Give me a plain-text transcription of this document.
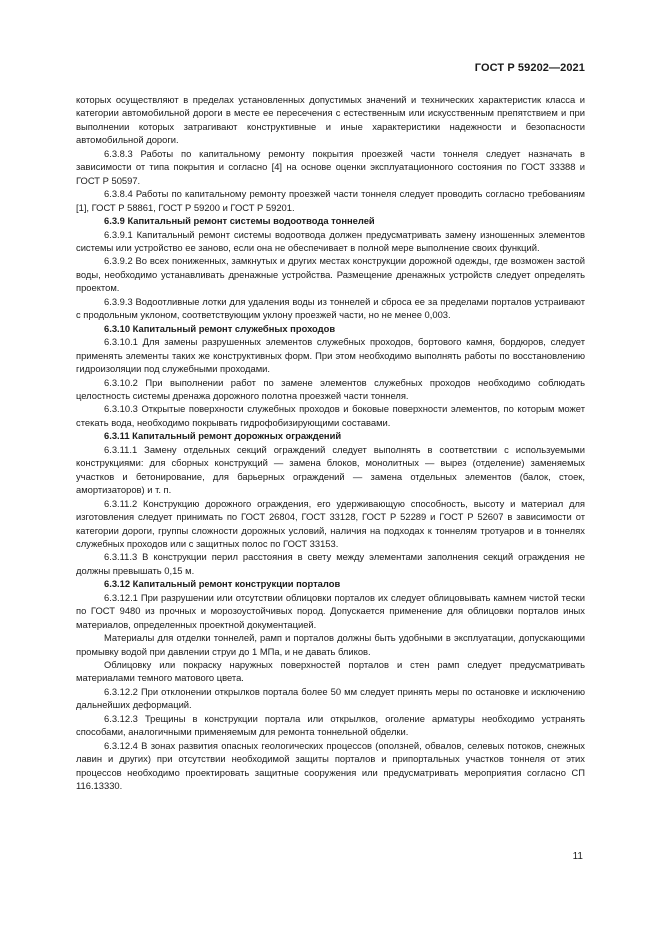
ГОСТ Р 59202—2021

которых осуществляют в пределах установленных допустимых значений и технических характеристик класса и категории автомобильной дороги в месте ее пересечения с естественным или искусственным препятствием и при выполнении которых затрагивают конструктивные и иные характеристики надежности и безопасности автомобильной дороги.

6.3.8.3 Работы по капитальному ремонту покрытия проезжей части тоннеля следует назначать в зависимости от типа покрытия и согласно [4] на основе оценки эксплуатационного состояния по ГОСТ 33388 и ГОСТ Р 50597.

6.3.8.4 Работы по капитальному ремонту проезжей части тоннеля следует проводить согласно требованиям [1], ГОСТ Р 58861, ГОСТ Р 59200 и ГОСТ Р 59201.

6.3.9 Капитальный ремонт системы водоотвода тоннелей

6.3.9.1 Капитальный ремонт системы водоотвода должен предусматривать замену изношенных элементов системы или устройство ее заново, если она не обеспечивает в полной мере выполнение своих функций.

6.3.9.2 Во всех пониженных, замкнутых и других местах конструкции дорожной одежды, где возможен застой воды, необходимо устанавливать дренажные устройства. Размещение дренажных устройств следует определять проектом.

6.3.9.3 Водоотливные лотки для удаления воды из тоннелей и сброса ее за пределами порталов устраивают с продольным уклоном, соответствующим уклону проезжей части, но не менее 0,003.

6.3.10 Капитальный ремонт служебных проходов

6.3.10.1 Для замены разрушенных элементов служебных проходов, бортового камня, бордюров, следует применять элементы таких же конструктивных форм. При этом необходимо выполнять работы по восстановлению гидроизоляции под служебными проходами.

6.3.10.2 При выполнении работ по замене элементов служебных проходов необходимо соблюдать целостность системы дренажа дорожного полотна проезжей части тоннеля.

6.3.10.3 Открытые поверхности служебных проходов и боковые поверхности элементов, по которым может стекать вода, необходимо покрывать гидрофобизирующими составами.

6.3.11 Капитальный ремонт дорожных ограждений

6.3.11.1 Замену отдельных секций ограждений следует выполнять в соответствии с используемыми конструкциями: для сборных конструкций — замена блоков, монолитных — вырез (отделение) заменяемых участков и бетонирование, для барьерных ограждений — замена отдельных элементов (балок, стоек, амортизаторов) и т. п.

6.3.11.2 Конструкцию дорожного ограждения, его удерживающую способность, высоту и материал для изготовления следует принимать по ГОСТ 26804, ГОСТ 33128, ГОСТ Р 52289 и ГОСТ Р 52607 в зависимости от категории дороги, группы сложности дорожных условий, наличия на подходах к тоннелям тротуаров и в тоннелях служебных проходов или с защитных полос по ГОСТ 33153.

6.3.11.3 В конструкции перил расстояния в свету между элементами заполнения секций ограждения не должны превышать 0,15 м.

6.3.12 Капитальный ремонт конструкции порталов

6.3.12.1 При разрушении или отсутствии облицовки порталов их следует облицовывать камнем чистой тески по ГОСТ 9480 из прочных и морозоустойчивых пород. Допускается применение для облицовки порталов иных материалов, определенных проектной документацией.

Материалы для отделки тоннелей, рамп и порталов должны быть удобными в эксплуатации, допускающими промывку водой при давлении струи до 1 МПа, и не давать бликов.

Облицовку или покраску наружных поверхностей порталов и стен рамп следует предусматривать материалами темного матового цвета.

6.3.12.2 При отклонении открылков портала более 50 мм следует принять меры по остановке и исключению дальнейших деформаций.

6.3.12.3 Трещины в конструкции портала или открылков, оголение арматуры необходимо устранять способами, аналогичными применяемым для ремонта тоннельной обделки.

6.3.12.4 В зонах развития опасных геологических процессов (оползней, обвалов, селевых потоков, снежных лавин и других) при отсутствии необходимой защиты порталов и припортальных участков тоннеля от этих процессов необходимо проектировать защитные сооружения или предусматривать мероприятия согласно СП 116.13330.

11
